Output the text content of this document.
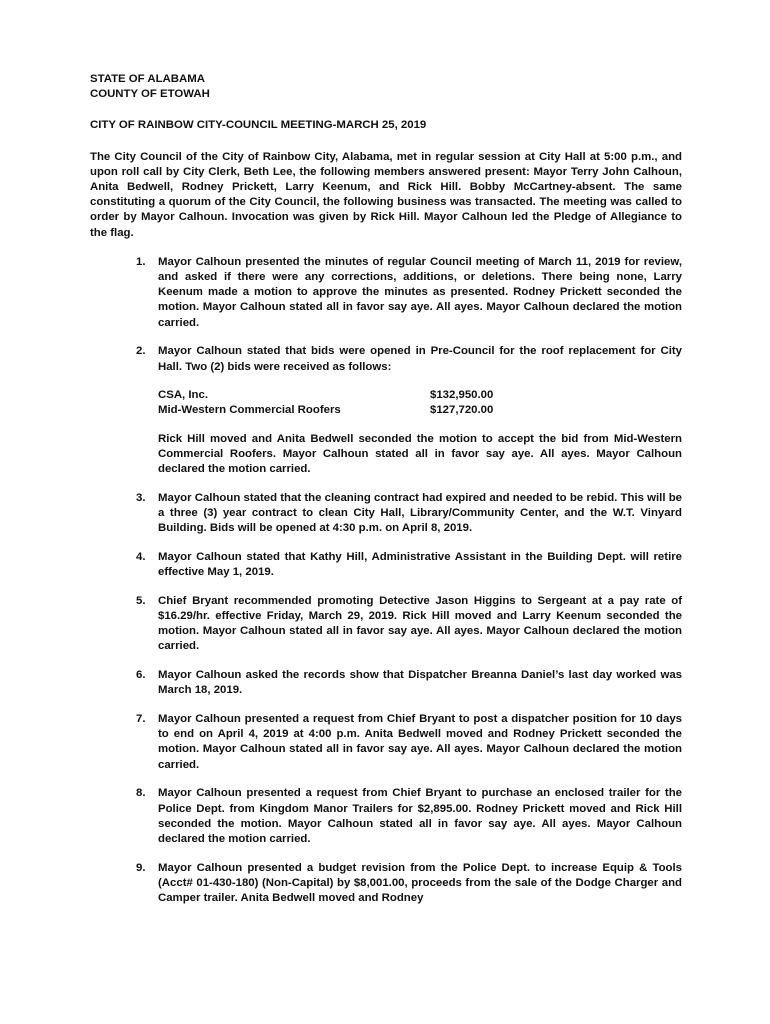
STATE OF ALABAMA

COUNTY OF ETOWAH

CITY OF RAINBOW CITY-COUNCIL MEETING-MARCH 25, 2019

The City Council of the City of Rainbow City, Alabama, met in regular session at City Hall at 5:00 p.m., and upon roll call by City Clerk, Beth Lee, the following members answered present: Mayor Terry John Calhoun, Anita Bedwell, Rodney Prickett, Larry Keenum, and Rick Hill. Bobby McCartney-absent. The same constituting a quorum of the City Council, the following business was transacted. The meeting was called to order by Mayor Calhoun. Invocation was given by Rick Hill. Mayor Calhoun led the Pledge of Allegiance to the flag.

1. Mayor Calhoun presented the minutes of regular Council meeting of March 11, 2019 for review, and asked if there were any corrections, additions, or deletions. There being none, Larry Keenum made a motion to approve the minutes as presented. Rodney Prickett seconded the motion. Mayor Calhoun stated all in favor say aye. All ayes. Mayor Calhoun declared the motion carried.
2. Mayor Calhoun stated that bids were opened in Pre-Council for the roof replacement for City Hall. Two (2) bids were received as follows:
CSA, Inc.	$132,950.00
Mid-Western Commercial Roofers	$127,720.00
Rick Hill moved and Anita Bedwell seconded the motion to accept the bid from Mid-Western Commercial Roofers. Mayor Calhoun stated all in favor say aye. All ayes. Mayor Calhoun declared the motion carried.
3. Mayor Calhoun stated that the cleaning contract had expired and needed to be rebid. This will be a three (3) year contract to clean City Hall, Library/Community Center, and the W.T. Vinyard Building. Bids will be opened at 4:30 p.m. on April 8, 2019.
4. Mayor Calhoun stated that Kathy Hill, Administrative Assistant in the Building Dept. will retire effective May 1, 2019.
5. Chief Bryant recommended promoting Detective Jason Higgins to Sergeant at a pay rate of $16.29/hr. effective Friday, March 29, 2019. Rick Hill moved and Larry Keenum seconded the motion. Mayor Calhoun stated all in favor say aye. All ayes. Mayor Calhoun declared the motion carried.
6. Mayor Calhoun asked the records show that Dispatcher Breanna Daniel’s last day worked was March 18, 2019.
7. Mayor Calhoun presented a request from Chief Bryant to post a dispatcher position for 10 days to end on April 4, 2019 at 4:00 p.m. Anita Bedwell moved and Rodney Prickett seconded the motion. Mayor Calhoun stated all in favor say aye. All ayes. Mayor Calhoun declared the motion carried.
8. Mayor Calhoun presented a request from Chief Bryant to purchase an enclosed trailer for the Police Dept. from Kingdom Manor Trailers for $2,895.00. Rodney Prickett moved and Rick Hill seconded the motion. Mayor Calhoun stated all in favor say aye. All ayes. Mayor Calhoun declared the motion carried.
9. Mayor Calhoun presented a budget revision from the Police Dept. to increase Equip & Tools (Acct# 01-430-180) (Non-Capital) by $8,001.00, proceeds from the sale of the Dodge Charger and Camper trailer. Anita Bedwell moved and Rodney
